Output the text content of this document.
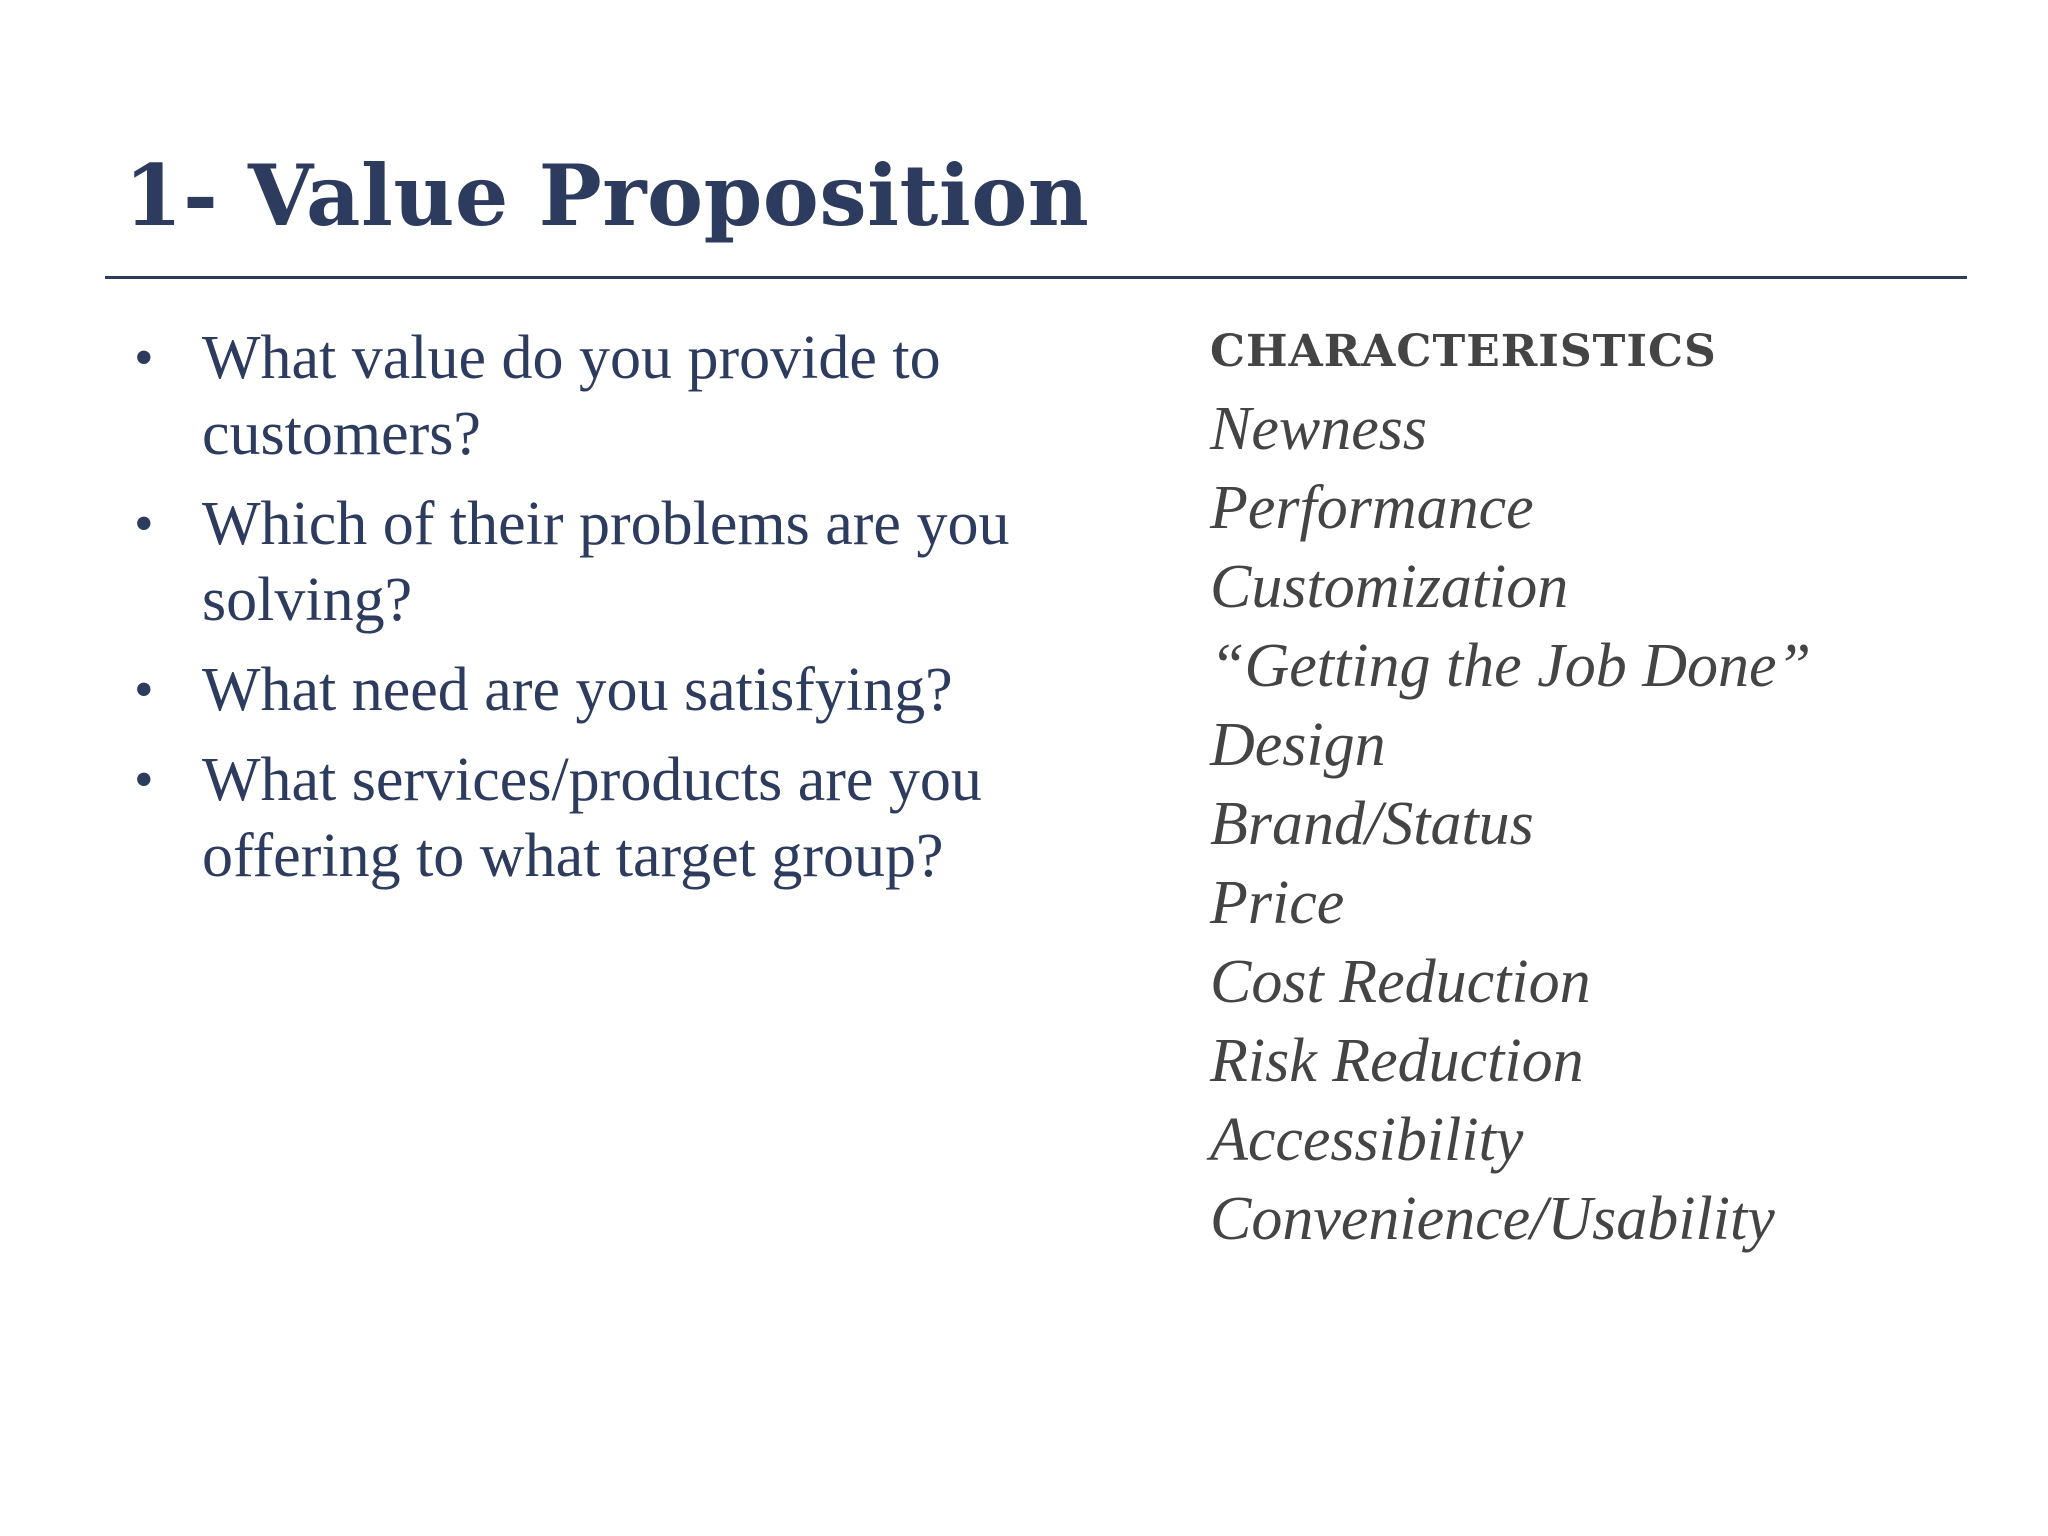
1- Value Proposition
• What value do you provide to customers?
• Which of their problems are you solving?
• What need are you satisfying?
• What services/products are you offering to what target group?
CHARACTERISTICS
Newness
Performance
Customization
“Getting the Job Done”
Design
Brand/Status
Price
Cost Reduction
Risk Reduction
Accessibility
Convenience/Usability
